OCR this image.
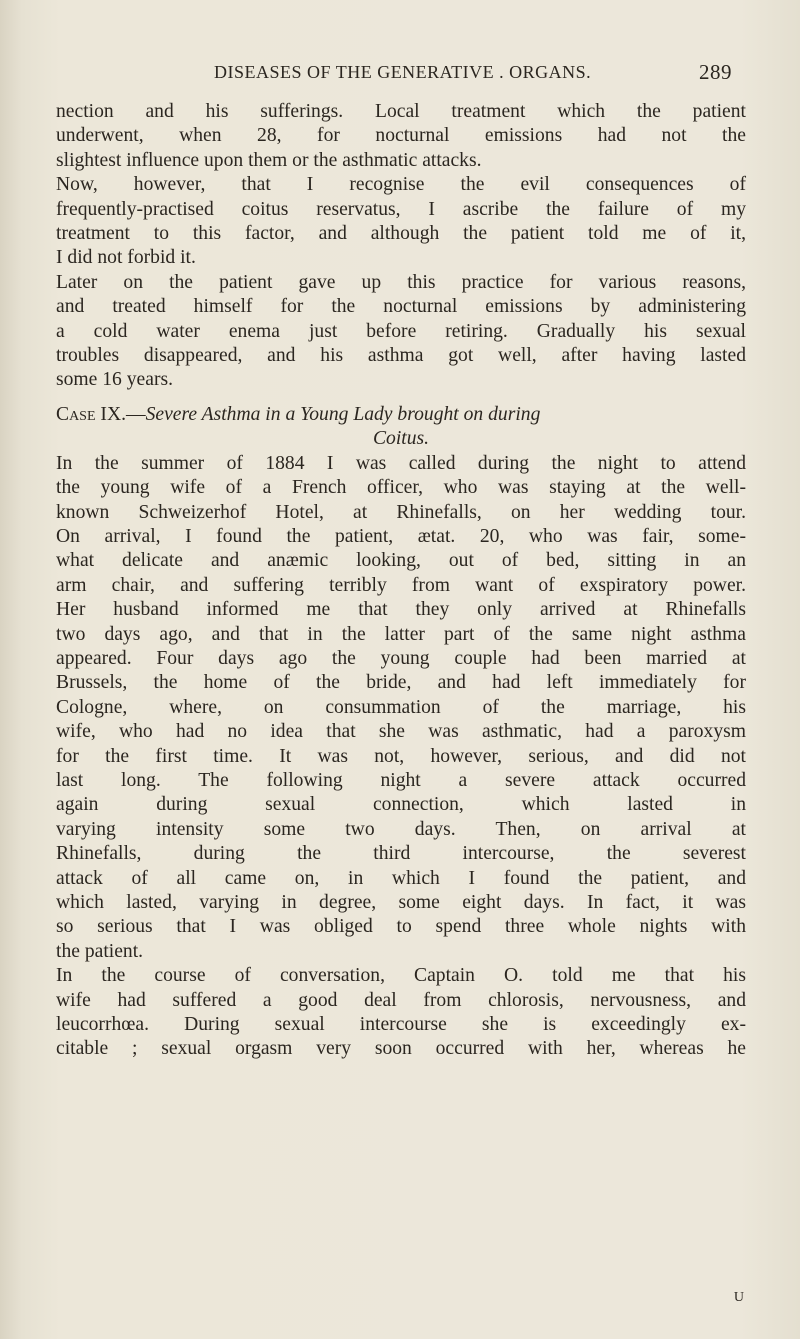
DISEASES OF THE GENERATIVE . ORGANS.	289
nection and his sufferings. Local treatment which the patient
underwent, when 28, for nocturnal emissions had not the
slightest influence upon them or the asthmatic attacks.
Now, however, that I recognise the evil consequences of
frequently-practised coitus reservatus, I ascribe the failure of my
treatment to this factor, and although the patient told me of it,
I did not forbid it.
Later on the patient gave up this practice for various reasons,
and treated himself for the nocturnal emissions by administering
a cold water enema just before retiring. Gradually his sexual
troubles disappeared, and his asthma got well, after having lasted
some 16 years.
Case IX.—Severe Asthma in a Young Lady brought on during
Coitus.
In the summer of 1884 I was called during the night to attend
the young wife of a French officer, who was staying at the well-
known Schweizerhof Hotel, at Rhinefalls, on her wedding tour.
On arrival, I found the patient, ætat. 20, who was fair, some-
what delicate and anæmic looking, out of bed, sitting in an
arm chair, and suffering terribly from want of exspiratory power.
Her husband informed me that they only arrived at Rhinefalls
two days ago, and that in the latter part of the same night asthma
appeared. Four days ago the young couple had been married at
Brussels, the home of the bride, and had left immediately for
Cologne, where, on consummation of the marriage, his
wife, who had no idea that she was asthmatic, had a paroxysm
for the first time. It was not, however, serious, and did not
last long. The following night a severe attack occurred
again during sexual connection, which lasted in
varying intensity some two days. Then, on arrival at
Rhinefalls, during the third intercourse, the severest
attack of all came on, in which I found the patient, and
which lasted, varying in degree, some eight days. In fact, it was
so serious that I was obliged to spend three whole nights with
the patient.
In the course of conversation, Captain O. told me that his
wife had suffered a good deal from chlorosis, nervousness, and
leucorrhœa. During sexual intercourse she is exceedingly ex-
citable ; sexual orgasm very soon occurred with her, whereas he
U
